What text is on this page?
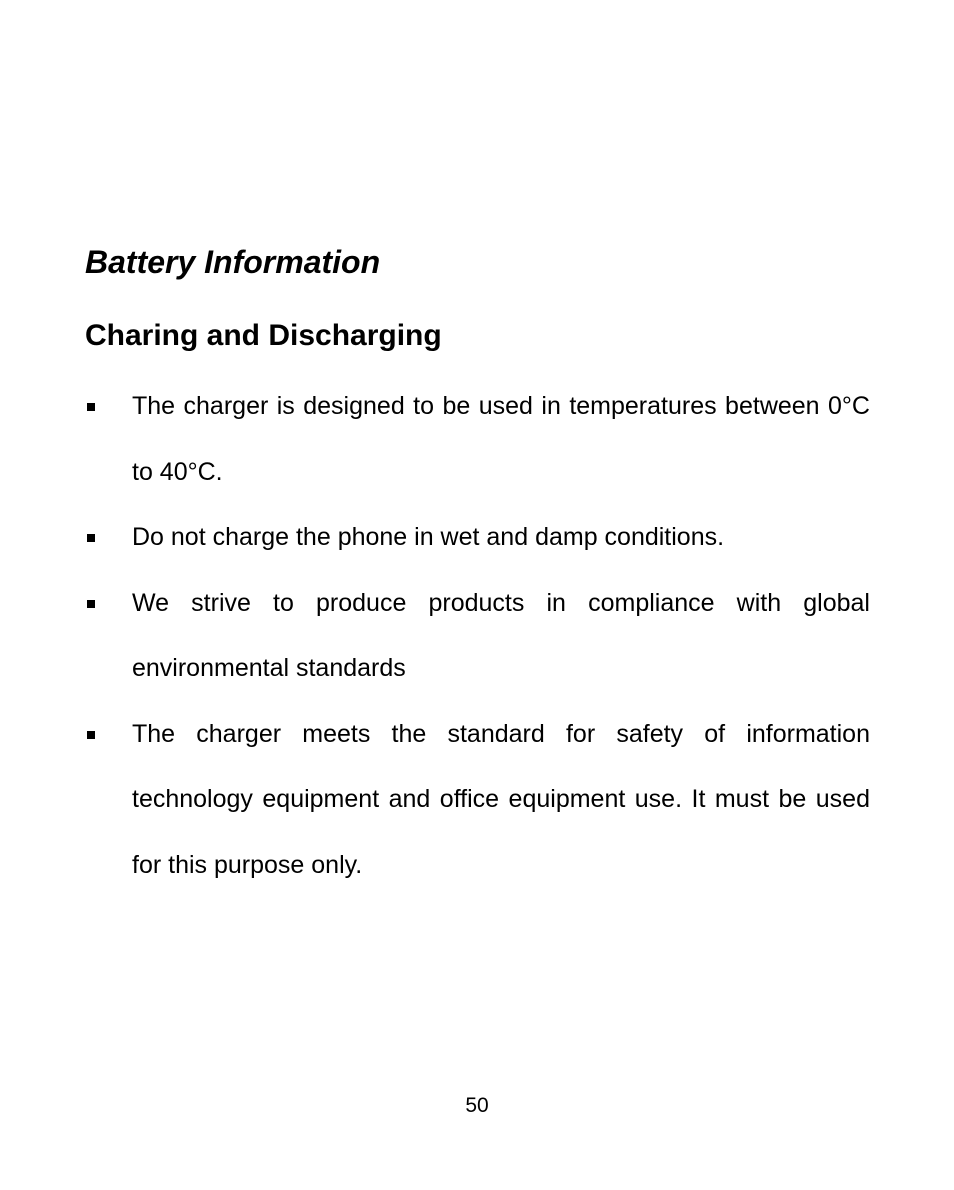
Battery Information
Charing and Discharging
The charger is designed to be used in temperatures between 0°C to 40°C.
Do not charge the phone in wet and damp conditions.
We strive to produce products in compliance with global environmental standards
The charger meets the standard for safety of information technology equipment and office equipment use. It must be used for this purpose only.
50
